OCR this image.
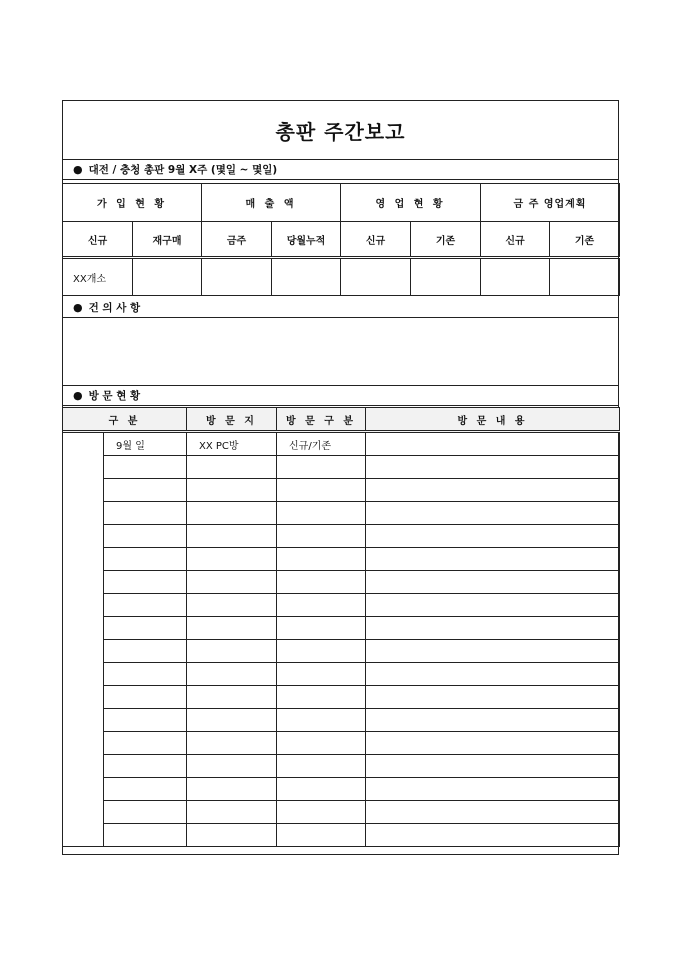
총판 주간보고
● 대전 / 충청 총판 9월 X주 (몇일 ~ 몇일)
가 입 현 황		매 출 액		영 업 현 황		금 주 영업계획	
신규	재구매	금주	당월누적	신규	기존	신규	기존
XX개소							
● 건 의 사 항
● 방 문 현 황
구 분		방 문 지	방 문 구 분	방 문 내 용
	9월 일	XX PC방	신규/기존	
